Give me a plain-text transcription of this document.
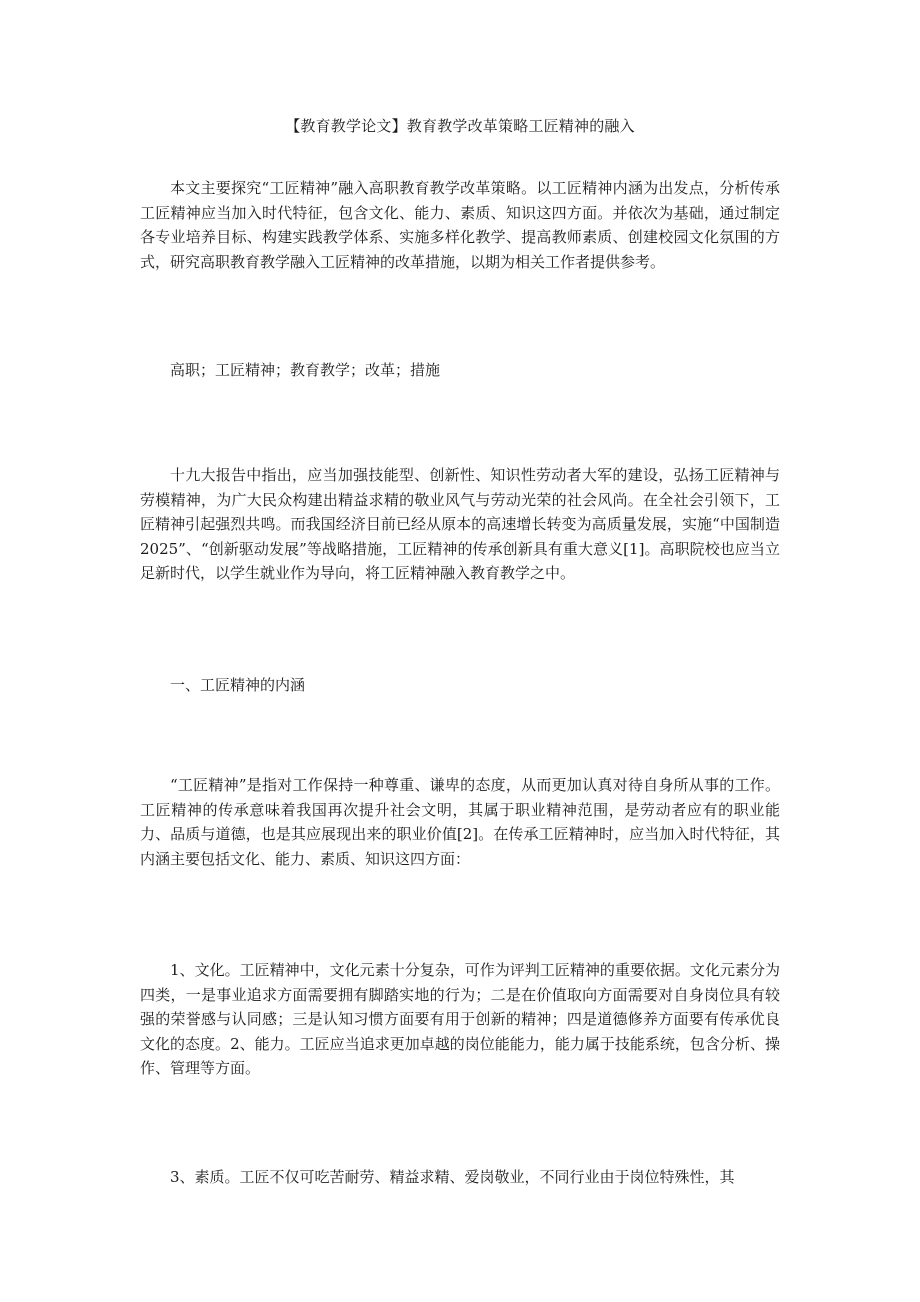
【教育教学论文】教育教学改革策略工匠精神的融入

本文主要探究“工匠精神”融入高职教育教学改革策略。以工匠精神内涵为出发点，分析传承工匠精神应当加入时代特征，包含文化、能力、素质、知识这四方面。并依次为基础，通过制定各专业培养目标、构建实践教学体系、实施多样化教学、提高教师素质、创建校园文化氛围的方式，研究高职教育教学融入工匠精神的改革措施，以期为相关工作者提供参考。

高职；工匠精神；教育教学；改革；措施

十九大报告中指出，应当加强技能型、创新性、知识性劳动者大军的建设，弘扬工匠精神与劳模精神，为广大民众构建出精益求精的敬业风气与劳动光荣的社会风尚。在全社会引领下，工匠精神引起强烈共鸣。而我国经济目前已经从原本的高速增长转变为高质量发展，实施“中国制造 2025”、“创新驱动发展”等战略措施，工匠精神的传承创新具有重大意义[1]。高职院校也应当立足新时代，以学生就业作为导向，将工匠精神融入教育教学之中。

一、工匠精神的内涵

“工匠精神”是指对工作保持一种尊重、谦卑的态度，从而更加认真对待自身所从事的工作。工匠精神的传承意味着我国再次提升社会文明，其属于职业精神范围，是劳动者应有的职业能力、品质与道德，也是其应展现出来的职业价值[2]。在传承工匠精神时，应当加入时代特征，其内涵主要包括文化、能力、素质、知识这四方面：

1、文化。工匠精神中，文化元素十分复杂，可作为评判工匠精神的重要依据。文化元素分为四类，一是事业追求方面需要拥有脚踏实地的行为；二是在价值取向方面需要对自身岗位具有较强的荣誉感与认同感；三是认知习惯方面要有用于创新的精神；四是道德修养方面要有传承优良文化的态度。2、能力。工匠应当追求更加卓越的岗位能能力，能力属于技能系统，包含分析、操作、管理等方面。

3、素质。工匠不仅可吃苦耐劳、精益求精、爱岗敬业，不同行业由于岗位特殊性，其
